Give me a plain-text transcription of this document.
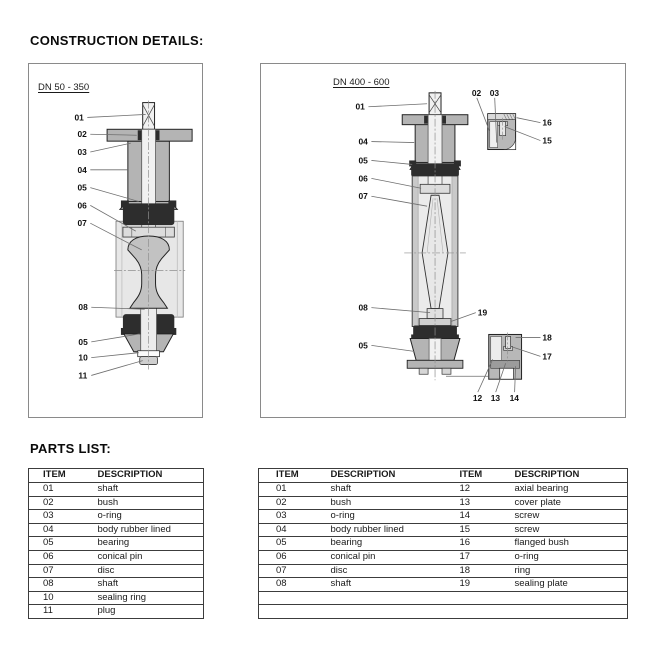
CONSTRUCTION DETAILS:
01
02
03
04
05
06
07
08
05
10
11
DN 50 - 350
01
04
05
06
07
08	19
05
02 03
16
15
18
17
12 13 14
DN 400 - 600
PARTS LIST:
ITEM	DESCRIPTION
01	shaft
02	bush
03	o-ring
04	body rubber lined
05	bearing
06	conical pin
07	disc
08	shaft
10	sealing ring
11	plug
ITEM	DESCRIPTION	ITEM	DESCRIPTION
01	shaft	12	axial bearing
02	bush	13	cover plate
03	o-ring	14	screw
04	body rubber lined	15	screw
05	bearing	16	flanged bush
06	conical pin	17	o-ring
07	disc	18	ring
08	shaft	19	sealing plate
